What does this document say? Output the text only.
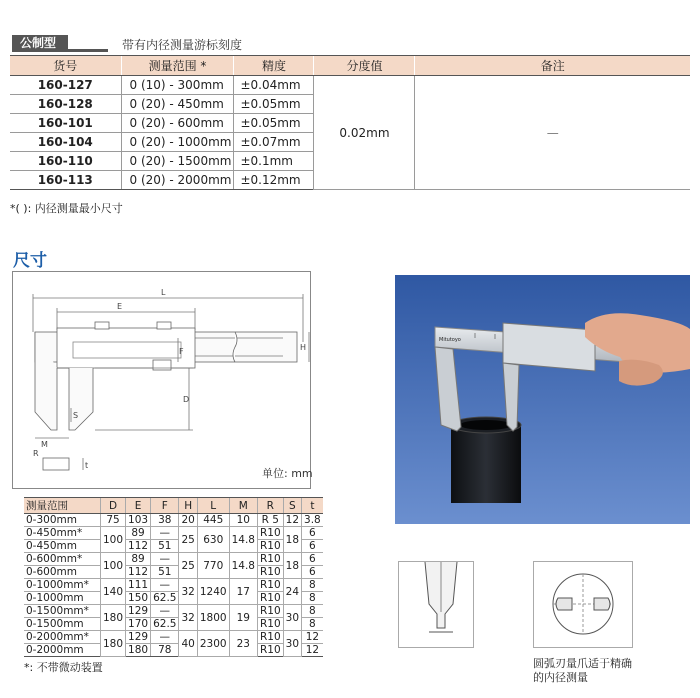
公制型	带有内径测量游标刻度
货号	测量范围 *	精度	分度值	备注
160-127	0 (10) - 300mm	±0.04mm	0.02mm	—
160-128	0 (20) - 450mm	±0.05mm		
160-101	0 (20) - 600mm	±0.05mm		
160-104	0 (20) - 1000mm	±0.07mm		
160-110	0 (20) - 1500mm	±0.1mm		
160-113	0 (20) - 2000mm	±0.12mm		
*( ): 内径测量最小尺寸
尺寸
L
E
H
F
D
S
M
R
t
单位: mm
测量范围	D	E	F	H	L	M	R	S	t
0-300mm	75	103	38	20	445	10	R 5	12	3.8
0-450mm*	100	89	—	25	630	14.8	R10	18	6
0-450mm		112	51				R10		6
0-600mm*	100	89	—	25	770	14.8	R10	18	6
0-600mm		112	51				R10		6
0-1000mm*	140	111	—	32	1240	17	R10	24	8
0-1000mm		150	62.5				R10		8
0-1500mm*	180	129	—	32	1800	19	R10	30	8
0-1500mm		170	62.5				R10		8
0-2000mm*	180	129	—	40	2300	23	R10	30	12
0-2000mm		180	78				R10		12
*: 不带微动装置
Mitutoyo
圆弧刃量爪适于精确
的内径测量
